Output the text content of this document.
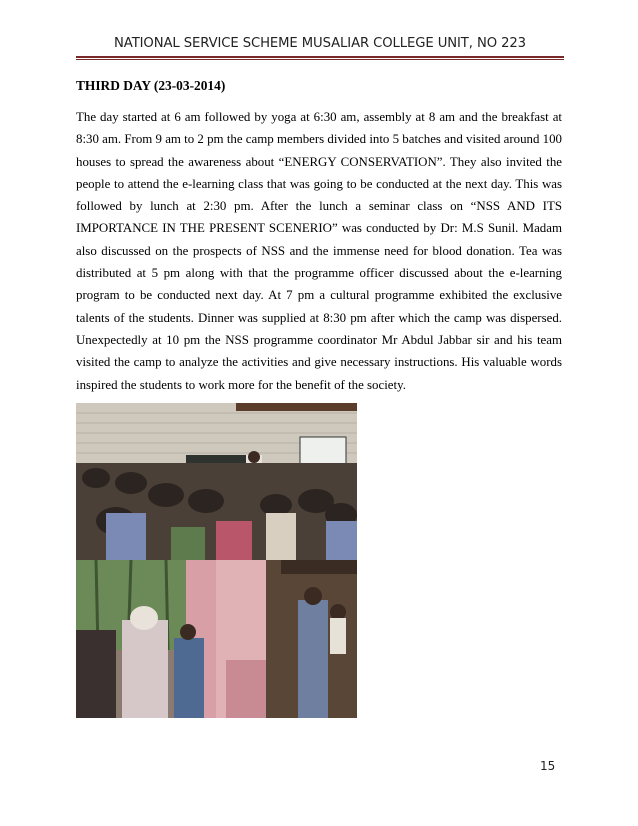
NATIONAL SERVICE SCHEME MUSALIAR COLLEGE UNIT, NO 223
THIRD DAY (23-03-2014)
The day started at 6 am followed by yoga at 6:30 am, assembly at 8 am and the breakfast at 8:30 am. From 9 am to 2 pm the camp members divided into 5 batches and visited around 100 houses to spread the awareness about “ENERGY CONSERVATION”. They also invited the people to attend the e-learning class that was going to be conducted at the next day. This was followed by lunch at 2:30 pm. After the lunch a seminar class on “NSS AND ITS IMPORTANCE IN THE PRESENT SCENERIO” was conducted by Dr: M.S Sunil. Madam also discussed on the prospects of NSS and the immense need for blood donation. Tea was distributed at 5 pm along with that the programme officer discussed about the e-learning program to be conducted next day. At 7 pm a cultural programme exhibited the exclusive talents of the students. Dinner was supplied at 8:30 pm after which the camp was dispersed. Unexpectedly at 10 pm the NSS programme coordinator Mr Abdul Jabbar sir and his team visited the camp to analyze the activities and give necessary instructions. His valuable words inspired the students to work more for the benefit of the society.
15
